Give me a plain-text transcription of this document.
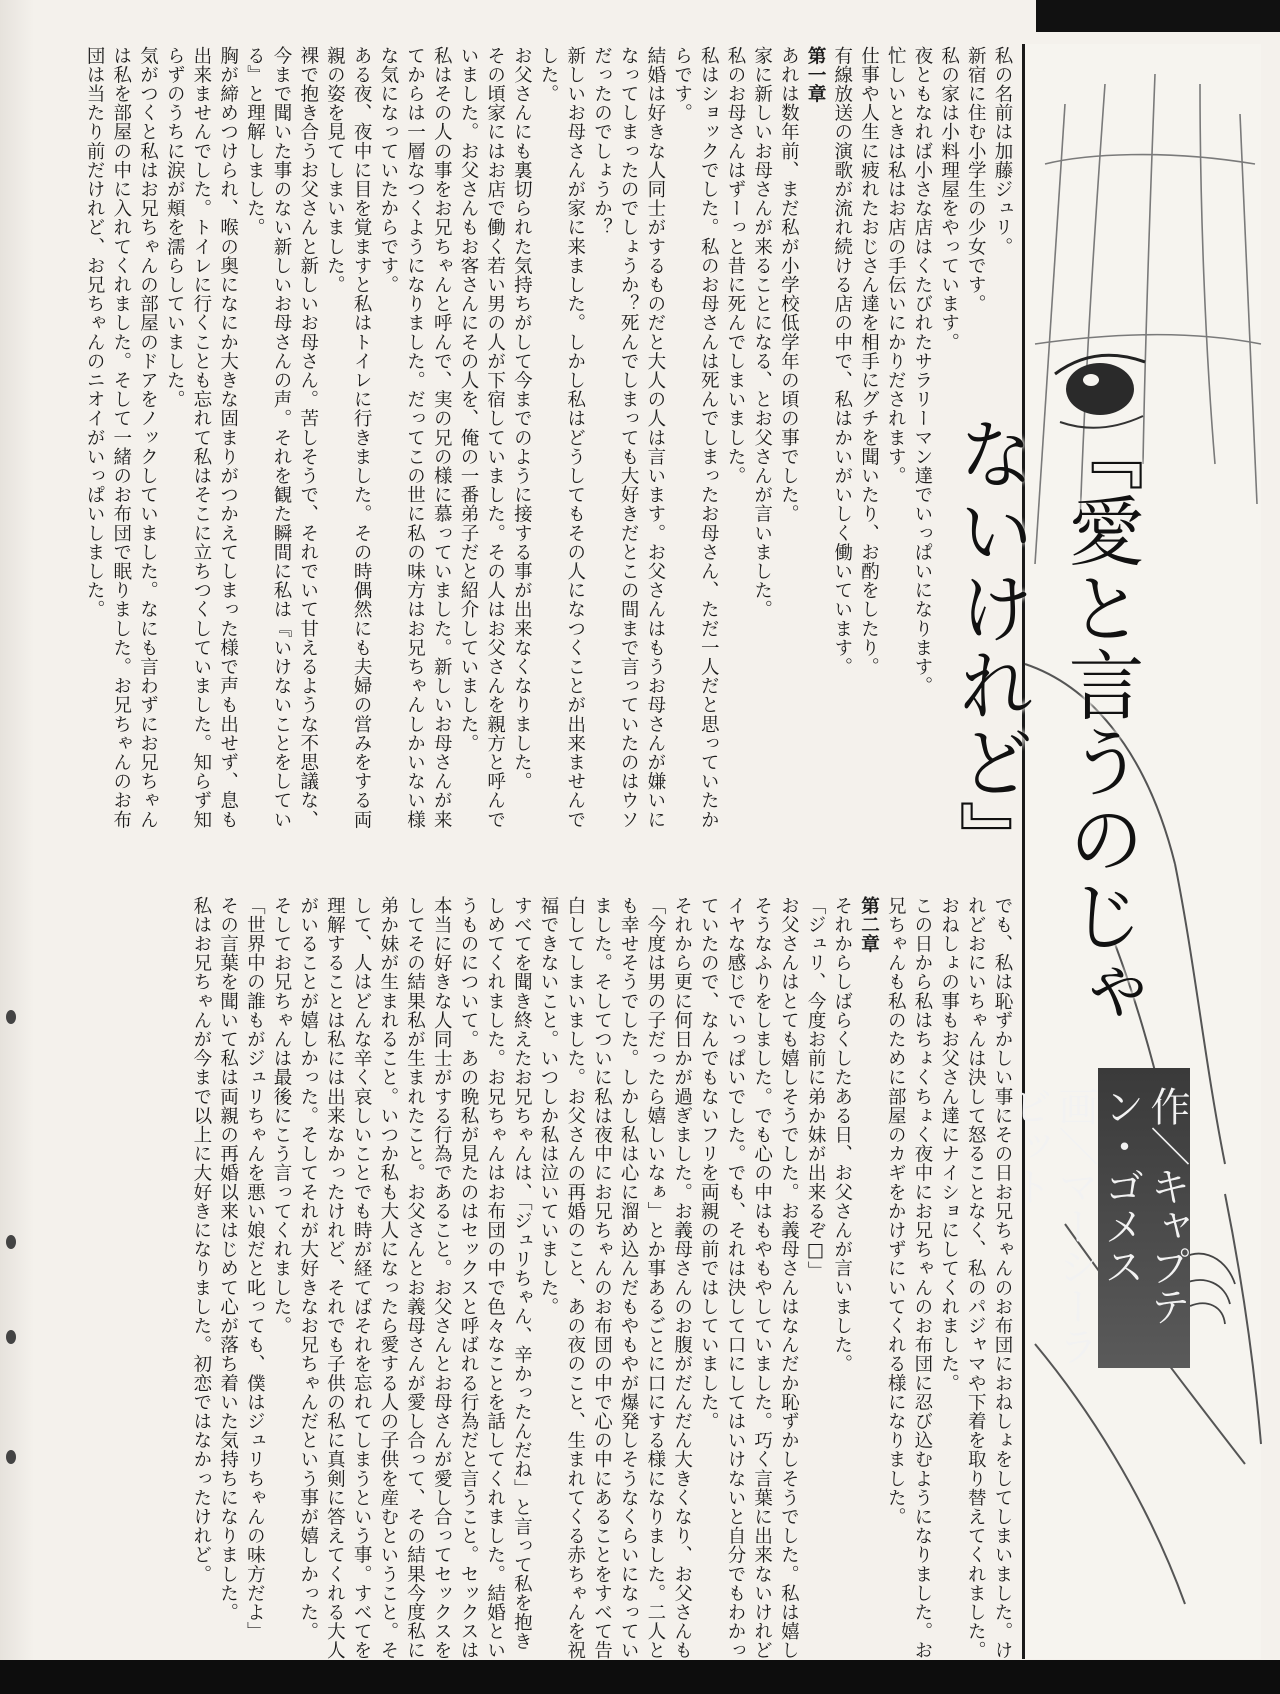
『愛と言うのじゃないけれど』
作＼キャプテン・ゴメス
画＼マーシーラビット

私の名前は加藤ジュリ。

新宿に住む小学生の少女です。

私の家は小料理屋をやっています。

夜ともなれば小さな店はくたびれたサラリーマン達でいっぱいになります。

忙しいときは私はお店の手伝いにかりだされます。

仕事や人生に疲れたおじさん達を相手にグチを聞いたり、お酌をしたり。

有線放送の演歌が流れ続ける店の中で、私はかいがいしく働いています。

第一章

あれは数年前、まだ私が小学校低学年の頃の事でした。

家に新しいお母さんが来ることになる、とお父さんが言いました。

私のお母さんはずーっと昔に死んでしまいました。

私はショックでした。私のお母さんは死んでしまったお母さん、ただ一人だと思っていたからです。

結婚は好きな人同士がするものだと大人の人は言います。お父さんはもうお母さんが嫌いになってしまったのでしょうか？死んでしまっても大好きだとこの間まで言っていたのはウソだったのでしょうか？

新しいお母さんが家に来ました。しかし私はどうしてもその人になつくことが出来ませんでした。

お父さんにも裏切られた気持ちがして今までのように接する事が出来なくなりました。

その頃家にはお店で働く若い男の人が下宿していました。その人はお父さんを親方と呼んでいました。お父さんもお客さんにその人を、俺の一番弟子だと紹介していました。

私はその人の事をお兄ちゃんと呼んで、実の兄の様に慕っていました。新しいお母さんが来てからは一層なつくようになりました。だってこの世に私の味方はお兄ちゃんしかいない様な気になっていたからです。

ある夜、夜中に目を覚ますと私はトイレに行きました。その時偶然にも夫婦の営みをする両親の姿を見てしまいました。

裸で抱き合うお父さんと新しいお母さん。苦しそうで、それでいて甘えるような不思議な、今まで聞いた事のない新しいお母さんの声。それを観た瞬間に私は『いけないことをしている』と理解しました。

胸が締めつけられ、喉の奥になにか大きな固まりがつかえてしまった様で声も出せず、息も出来ませんでした。トイレに行くことも忘れて私はそこに立ちつくしていました。知らず知らずのうちに涙が頬を濡らしていました。

気がつくと私はお兄ちゃんの部屋のドアをノックしていました。なにも言わずにお兄ちゃんは私を部屋の中に入れてくれました。そして一緒のお布団で眠りました。お兄ちゃんのお布団は当たり前だけれど、お兄ちゃんのニオイがいっぱいしました。

でも、私は恥ずかしい事にその日お兄ちゃんのお布団におねしょをしてしまいました。けれどおにいちゃんは決して怒ることなく、私のパジャマや下着を取り替えてくれました。おねしょの事もお父さん達にナイショにしてくれました。

この日から私はちょくちょく夜中にお兄ちゃんのお布団に忍び込むようになりました。お兄ちゃんも私のために部屋のカギをかけずにいてくれる様になりました。

第二章

それからしばらくしたある日、お父さんが言いました。

「ジュリ、今度お前に弟か妹が出来るぞ□」

お父さんはとても嬉しそうでした。お義母さんはなんだか恥ずかしそうでした。私は嬉しそうなふりをしました。でも心の中はもやもやしていました。巧く言葉に出来ないけれどイヤな感じでいっぱいでした。でも、それは決して口にしてはいけないと自分でもわかっていたので、なんでもないフリを両親の前ではしていました。

それから更に何日かが過ぎました。お義母さんのお腹がだんだん大きくなり、お父さんも「今度は男の子だったら嬉しいなぁ」とか事あるごとに口にする様になりました。二人とも幸せそうでした。しかし私は心に溜め込んだもやもやが爆発しそうなくらいになっていました。そしてついに私は夜中にお兄ちゃんのお布団の中で心の中にあることをすべて告白してしまいました。お父さんの再婚のこと、あの夜のこと、生まれてくる赤ちゃんを祝福できないこと。いつしか私は泣いていました。

すべてを聞き終えたお兄ちゃんは、「ジュリちゃん、辛かったんだね」と言って私を抱きしめてくれました。お兄ちゃんはお布団の中で色々なことを話してくれました。結婚というものについて。あの晩私が見たのはセックスと呼ばれる行為だと言うこと。セックスは本当に好きな人同士がする行為であること。お父さんとお母さんが愛し合ってセックスをしてその結果私が生まれたこと。お父さんとお義母さんが愛し合って、その結果今度私に弟か妹が生まれること。いつか私も大人になったら愛する人の子供を産むということ。そして、人はどんな辛く哀しいことでも時が経てばそれを忘れてしまうという事。すべてを理解することは私には出来なかったけれど、それでも子供の私に真剣に答えてくれる大人がいることが嬉しかった。そしてそれが大好きなお兄ちゃんだという事が嬉しかった。

そしてお兄ちゃんは最後にこう言ってくれました。

「世界中の誰もがジュリちゃんを悪い娘だと叱っても、僕はジュリちゃんの味方だよ」

その言葉を聞いて私は両親の再婚以来はじめて心が落ち着いた気持ちになりました。

私はお兄ちゃんが今まで以上に大好きになりました。初恋ではなかったけれど。
